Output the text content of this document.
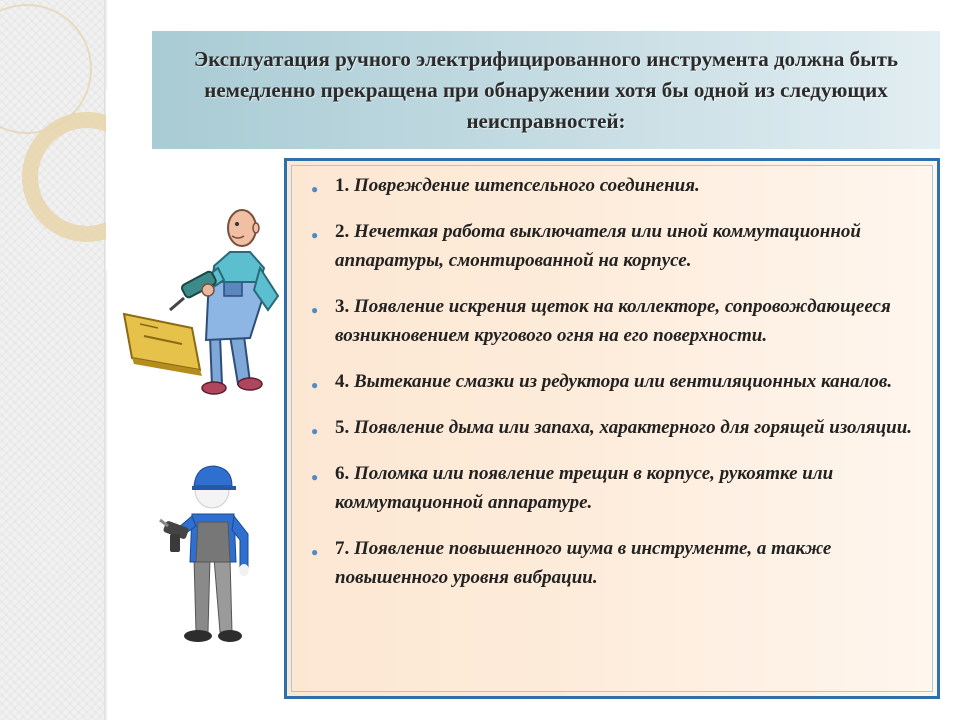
Эксплуатация ручного электрифицированного инструмента должна быть немедленно прекращена при обнаружении хотя бы одной из следующих неисправностей:
● 1. Повреждение штепсельного соединения.
● 2. Нечеткая работа выключателя или иной коммутационной аппаратуры, смонтированной на корпусе.
● 3. Появление искрения щеток на коллекторе, сопровождающееся возникновением кругового огня на его поверхности.
● 4. Вытекание смазки из редуктора или вентиляционных каналов.
● 5. Появление дыма или запаха, характерного для горящей изоляции.
● 6. Поломка или появление трещин в корпусе, рукоятке или коммутационной аппаратуре.
● 7. Появление повышенного шума в инструменте, а также повышенного уровня вибрации.
